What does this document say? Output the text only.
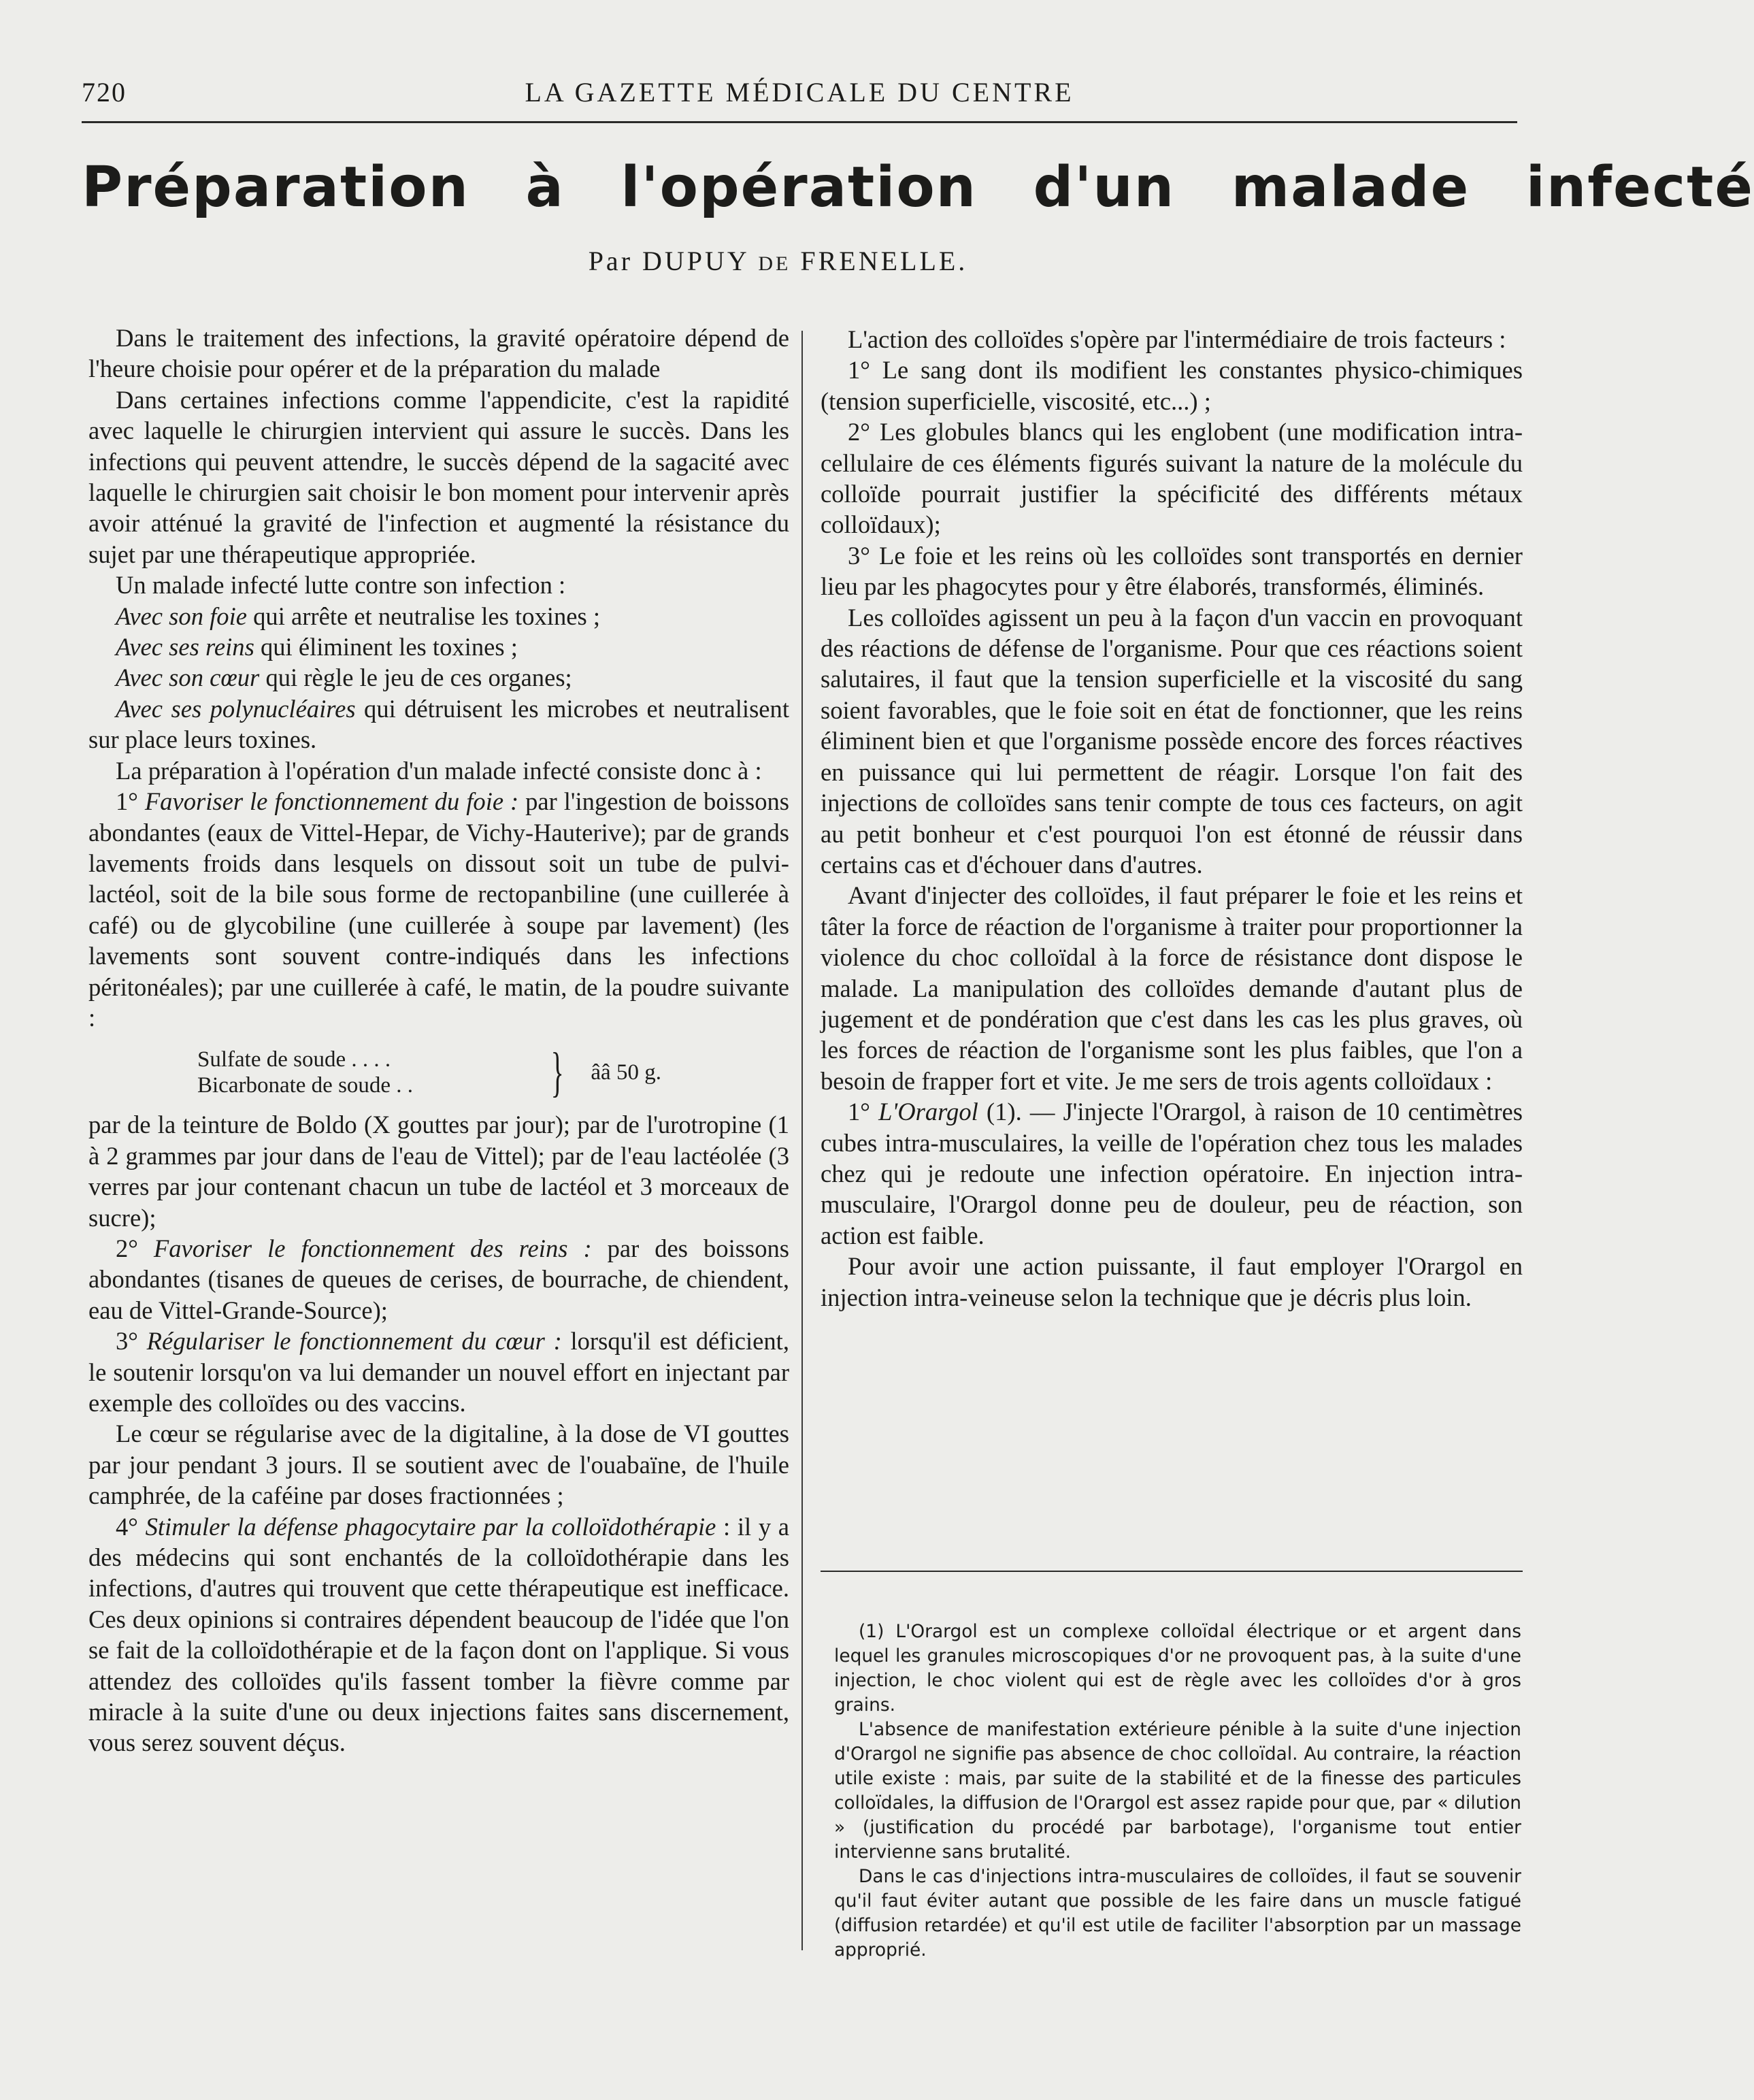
720	LA GAZETTE MÉDICALE DU CENTRE
Préparation à l'opération d'un malade infecté
Par DUPUY DE FRENELLE.

Dans le traitement des infections, la gravité opératoire dépend de l'heure choisie pour opérer et de la préparation du malade

Dans certaines infections comme l'appendicite, c'est la rapidité avec laquelle le chirurgien intervient qui assure le succès. Dans les infections qui peuvent attendre, le succès dépend de la sagacité avec laquelle le chirurgien sait choisir le bon moment pour intervenir après avoir atténué la gravité de l'infection et augmenté la résistance du sujet par une thérapeutique appropriée.

Un malade infecté lutte contre son infection :

Avec son foie qui arrête et neutralise les toxines ;

Avec ses reins qui éliminent les toxines ;

Avec son cœur qui règle le jeu de ces organes;

Avec ses polynucléaires qui détruisent les microbes et neutralisent sur place leurs toxines.

La préparation à l'opération d'un malade infecté consiste donc à :

1° Favoriser le fonctionnement du foie : par l'ingestion de boissons abondantes (eaux de Vittel-Hepar, de Vichy-Hauterive); par de grands lavements froids dans lesquels on dissout soit un tube de pulvi-lactéol, soit de la bile sous forme de rectopanbiline (une cuillerée à café) ou de glycobiline (une cuillerée à soupe par lavement) (les lavements sont souvent contre-indiqués dans les infections péritonéales); par une cuillerée à café, le matin, de la poudre suivante :

Sulfate de soude . . . .
Bicarbonate de soude . .	} ââ 50 g.

par de la teinture de Boldo (X gouttes par jour); par de l'urotropine (1 à 2 grammes par jour dans de l'eau de Vittel); par de l'eau lactéolée (3 verres par jour contenant chacun un tube de lactéol et 3 morceaux de sucre);

2° Favoriser le fonctionnement des reins : par des boissons abondantes (tisanes de queues de cerises, de bourrache, de chiendent, eau de Vittel-Grande-Source);

3° Régulariser le fonctionnement du cœur : lorsqu'il est déficient, le soutenir lorsqu'on va lui demander un nouvel effort en injectant par exemple des colloïdes ou des vaccins.

Le cœur se régularise avec de la digitaline, à la dose de VI gouttes par jour pendant 3 jours. Il se soutient avec de l'ouabaïne, de l'huile camphrée, de la caféine par doses fractionnées ;

4° Stimuler la défense phagocytaire par la colloïdothérapie : il y a des médecins qui sont enchantés de la colloïdothérapie dans les infections, d'autres qui trouvent que cette thérapeutique est inefficace. Ces deux opinions si contraires dépendent beaucoup de l'idée que l'on se fait de la colloïdothérapie et de la façon dont on l'applique. Si vous attendez des colloïdes qu'ils fassent tomber la fièvre comme par miracle à la suite d'une ou deux injections faites sans discernement, vous serez souvent déçus.

L'action des colloïdes s'opère par l'intermédiaire de trois facteurs :

1° Le sang dont ils modifient les constantes physico-chimiques (tension superficielle, viscosité, etc...) ;

2° Les globules blancs qui les englobent (une modification intra-cellulaire de ces éléments figurés suivant la nature de la molécule du colloïde pourrait justifier la spécificité des différents métaux colloïdaux);

3° Le foie et les reins où les colloïdes sont transportés en dernier lieu par les phagocytes pour y être élaborés, transformés, éliminés.

Les colloïdes agissent un peu à la façon d'un vaccin en provoquant des réactions de défense de l'organisme. Pour que ces réactions soient salutaires, il faut que la tension superficielle et la viscosité du sang soient favorables, que le foie soit en état de fonctionner, que les reins éliminent bien et que l'organisme possède encore des forces réactives en puissance qui lui permettent de réagir. Lorsque l'on fait des injections de colloïdes sans tenir compte de tous ces facteurs, on agit au petit bonheur et c'est pourquoi l'on est étonné de réussir dans certains cas et d'échouer dans d'autres.

Avant d'injecter des colloïdes, il faut préparer le foie et les reins et tâter la force de réaction de l'organisme à traiter pour proportionner la violence du choc colloïdal à la force de résistance dont dispose le malade. La manipulation des colloïdes demande d'autant plus de jugement et de pondération que c'est dans les cas les plus graves, où les forces de réaction de l'organisme sont les plus faibles, que l'on a besoin de frapper fort et vite. Je me sers de trois agents colloïdaux :

1° L'Orargol (1). — J'injecte l'Orargol, à raison de 10 centimètres cubes intra-musculaires, la veille de l'opération chez tous les malades chez qui je redoute une infection opératoire. En injection intra-musculaire, l'Orargol donne peu de douleur, peu de réaction, son action est faible.

Pour avoir une action puissante, il faut employer l'Orargol en injection intra-veineuse selon la technique que je décris plus loin.

(1) L'Orargol est un complexe colloïdal électrique or et argent dans lequel les granules microscopiques d'or ne provoquent pas, à la suite d'une injection, le choc violent qui est de règle avec les colloïdes d'or à gros grains.

L'absence de manifestation extérieure pénible à la suite d'une injection d'Orargol ne signifie pas absence de choc colloïdal. Au contraire, la réaction utile existe : mais, par suite de la stabilité et de la finesse des particules colloïdales, la diffusion de l'Orargol est assez rapide pour que, par « dilution » (justification du procédé par barbotage), l'organisme tout entier intervienne sans brutalité.

Dans le cas d'injections intra-musculaires de colloïdes, il faut se souvenir qu'il faut éviter autant que possible de les faire dans un muscle fatigué (diffusion retardée) et qu'il est utile de faciliter l'absorption par un massage approprié.
